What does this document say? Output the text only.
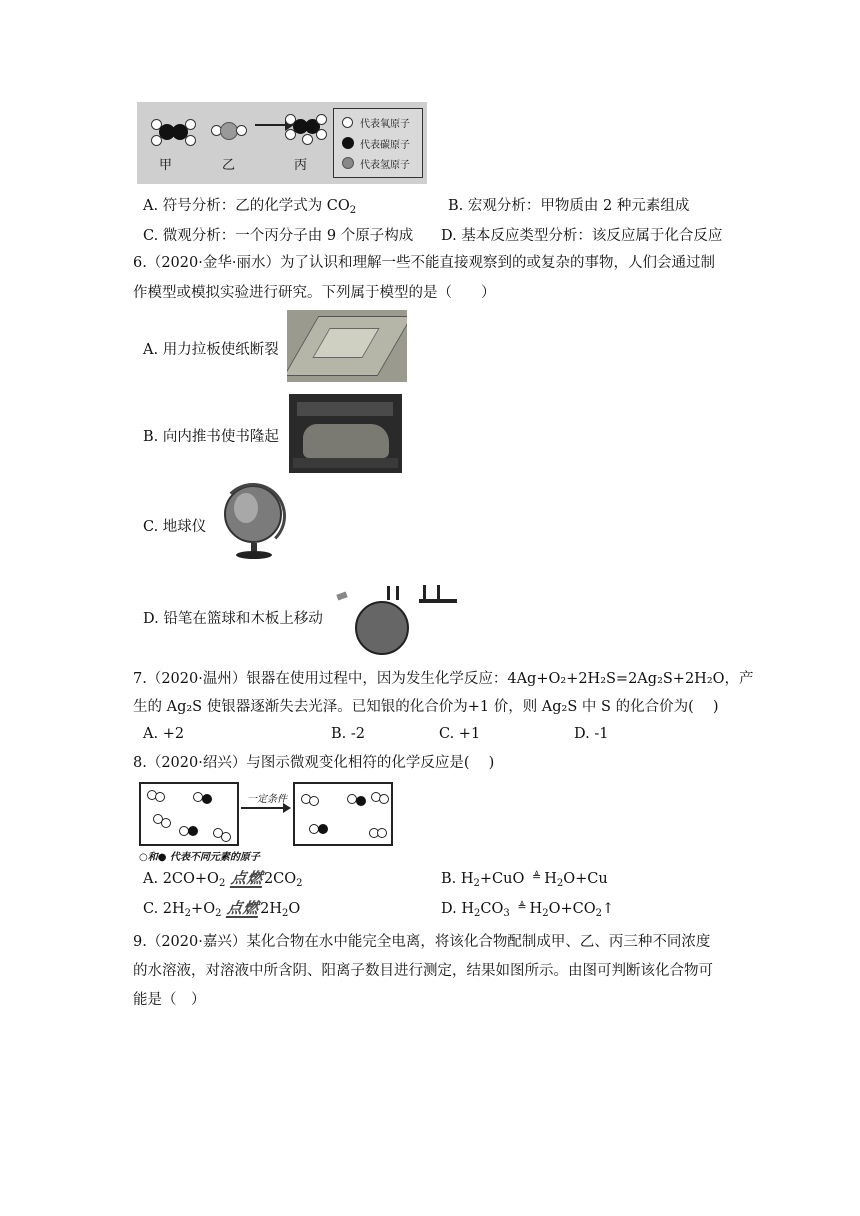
甲	乙	丙
代表氧原子
代表碳原子
代表氢原子
A. 符号分析：乙的化学式为 $CO_2$	B. 宏观分析：甲物质由 2 种元素组成
C. 微观分析：一个丙分子由 9 个原子构成 D. 基本反应类型分析：该反应属于化合反应
6.（2020·金华·丽水）为了认识和理解一些不能直接观察到的或复杂的事物，人们会通过制
作模型或模拟实验进行研究。下列属于模型的是（　　）
A. 用力拉板使纸断裂
B. 向内推书使书隆起
C. 地球仪
D. 铅笔在篮球和木板上移动
7.（2020·温州）银器在使用过程中，因为发生化学反应：4Ag+O₂+2H₂S=2Ag₂S+2H₂O，产
生的 Ag₂S 使银器逐渐失去光泽。已知银的化合价为+1 价，则 Ag₂S 中 S 的化合价为(　 )
A. +2	B. -2	C. +1	D. -1
8.（2020·绍兴）与图示微观变化相符的化学反应是(　 )
一定条件
○和● 代表不同元素的原子
A. $2CO+O_2$ 点燃$2CO_2$	B. $H_2+CuO$ ≜ $H_2O+Cu$
C. $2H_2+O_2$ 点燃$2H_2O$	D. $H_2CO_3$ ≜ $H_2O+CO_2↑$
9.（2020·嘉兴）某化合物在水中能完全电离，将该化合物配制成甲、乙、丙三种不同浓度
的水溶液，对溶液中所含阴、阳离子数目进行测定，结果如图所示。由图可判断该化合物可
能是（　）
